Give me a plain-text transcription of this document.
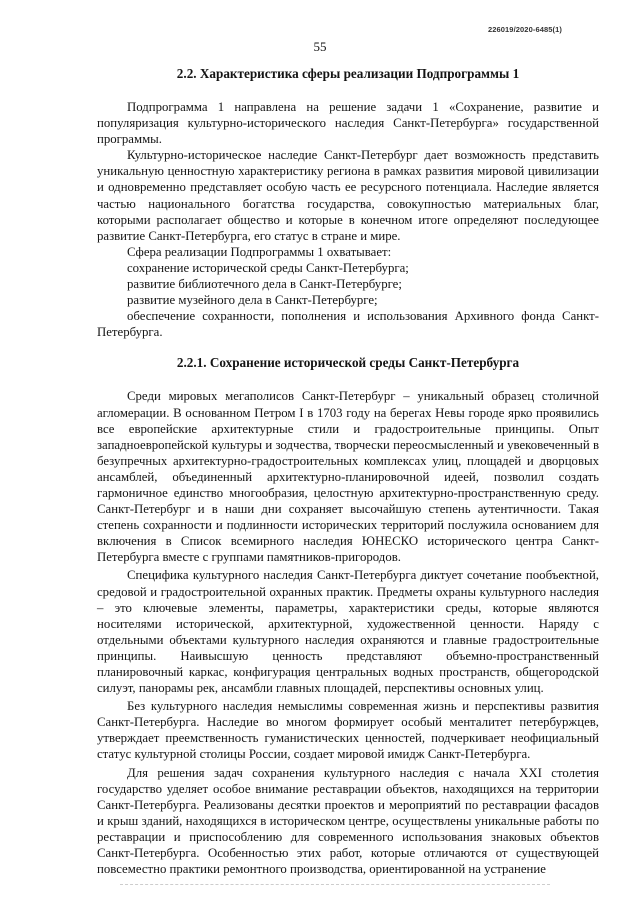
226019/2020-6485(1)
55
2.2. Характеристика сферы реализации Подпрограммы 1

Подпрограмма 1 направлена на решение задачи 1 «Сохранение, развитие и популяризация культурно-исторического наследия Санкт-Петербурга» государственной программы.

Культурно-историческое наследие Санкт-Петербург дает возможность представить уникальную ценностную характеристику региона в рамках развития мировой цивилизации и одновременно представляет особую часть ее ресурсного потенциала. Наследие является частью национального богатства государства, совокупностью материальных благ, которыми располагает общество и которые в конечном итоге определяют последующее развитие Санкт-Петербурга, его статус в стране и мире.

Сфера реализации Подпрограммы 1 охватывает:

сохранение исторической среды Санкт-Петербурга;

развитие библиотечного дела в Санкт-Петербурге;

развитие музейного дела в Санкт-Петербурге;

обеспечение сохранности, пополнения и использования Архивного фонда Санкт-Петербурга.

2.2.1. Сохранение исторической среды Санкт-Петербурга

Среди мировых мегаполисов Санкт-Петербург – уникальный образец столичной агломерации. В основанном Петром I в 1703 году на берегах Невы городе ярко проявились все европейские архитектурные стили и градостроительные принципы. Опыт западноевропейской культуры и зодчества, творчески переосмысленный и увековеченный в безупречных архитектурно-градостроительных комплексах улиц, площадей и дворцовых ансамблей, объединенный архитектурно-планировочной идеей, позволил создать гармоничное единство многообразия, целостную архитектурно-пространственную среду. Санкт-Петербург и в наши дни сохраняет высочайшую степень аутентичности. Такая степень сохранности и подлинности исторических территорий послужила основанием для включения в Список всемирного наследия ЮНЕСКО исторического центра Санкт-Петербурга вместе с группами памятников-пригородов.

Специфика культурного наследия Санкт-Петербурга диктует сочетание пообъектной, средовой и градостроительной охранных практик. Предметы охраны культурного наследия – это ключевые элементы, параметры, характеристики среды, которые являются носителями исторической, архитектурной, художественной ценности. Наряду с отдельными объектами культурного наследия охраняются и главные градостроительные принципы. Наивысшую ценность представляют объемно-пространственный планировочный каркас, конфигурация центральных водных пространств, общегородской силуэт, панорамы рек, ансамбли главных площадей, перспективы основных улиц.

Без культурного наследия немыслимы современная жизнь и перспективы развития Санкт-Петербурга. Наследие во многом формирует особый менталитет петербуржцев, утверждает преемственность гуманистических ценностей, подчеркивает неофициальный статус культурной столицы России, создает мировой имидж Санкт-Петербурга.

Для решения задач сохранения культурного наследия с начала XXI столетия государство уделяет особое внимание реставрации объектов, находящихся на территории Санкт-Петербурга. Реализованы десятки проектов и мероприятий по реставрации фасадов и крыш зданий, находящихся в историческом центре, осуществлены уникальные работы по реставрации и приспособлению для современного использования знаковых объектов Санкт-Петербурга. Особенностью этих работ, которые отличаются от существующей повсеместно практики ремонтного производства, ориентированной на устранение
